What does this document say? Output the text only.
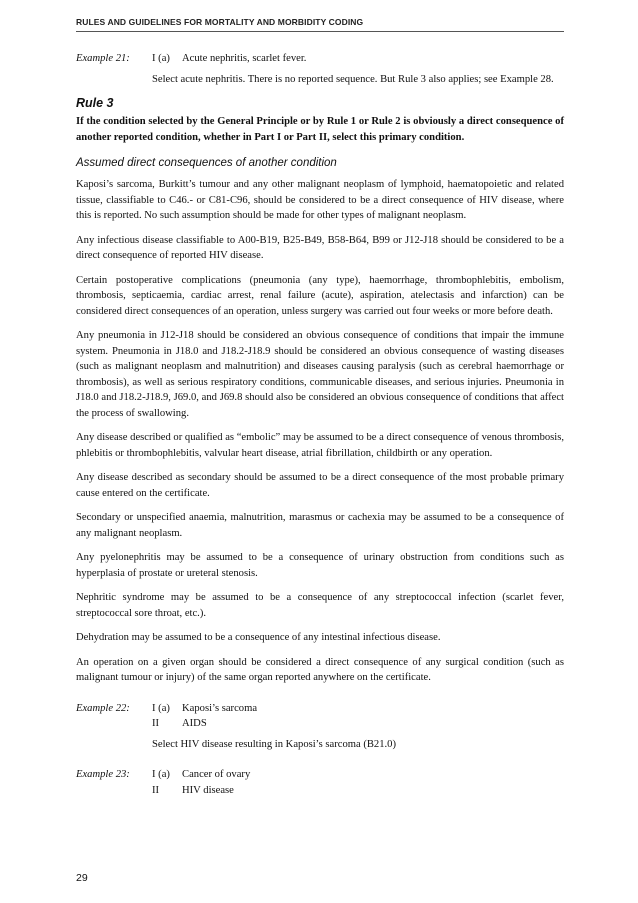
RULES AND GUIDELINES FOR MORTALITY AND MORBIDITY CODING
Example 21:	I (a)	Acute nephritis, scarlet fever.
Select acute nephritis. There is no reported sequence. But Rule 3 also applies; see Example 28.
Rule 3
If the condition selected by the General Principle or by Rule 1 or Rule 2 is obviously a direct consequence of another reported condition, whether in Part I or Part II, select this primary condition.
Assumed direct consequences of another condition

Kaposi’s sarcoma, Burkitt’s tumour and any other malignant neoplasm of lymphoid, haematopoietic and related tissue, classifiable to C46.- or C81-C96, should be considered to be a direct consequence of HIV disease, where this is reported. No such assumption should be made for other types of malignant neoplasm.

Any infectious disease classifiable to A00-B19, B25-B49, B58-B64, B99 or J12-J18 should be considered to be a direct consequence of reported HIV disease.

Certain postoperative complications (pneumonia (any type), haemorrhage, thrombophlebitis, embolism, thrombosis, septicaemia, cardiac arrest, renal failure (acute), aspiration, atelectasis and infarction) can be considered direct consequences of an operation, unless surgery was carried out four weeks or more before death.

Any pneumonia in J12-J18 should be considered an obvious consequence of conditions that impair the immune system. Pneumonia in J18.0 and J18.2-J18.9 should be considered an obvious consequence of wasting diseases (such as malignant neoplasm and malnutrition) and diseases causing paralysis (such as cerebral haemorrhage or thrombosis), as well as serious respiratory conditions, communicable diseases, and serious injuries. Pneumonia in J18.0 and J18.2-J18.9, J69.0, and J69.8 should also be considered an obvious consequence of conditions that affect the process of swallowing.

Any disease described or qualified as “embolic” may be assumed to be a direct consequence of venous thrombosis, phlebitis or thrombophlebitis, valvular heart disease, atrial fibrillation, childbirth or any operation.

Any disease described as secondary should be assumed to be a direct consequence of the most probable primary cause entered on the certificate.

Secondary or unspecified anaemia, malnutrition, marasmus or cachexia may be assumed to be a consequence of any malignant neoplasm.

Any pyelonephritis may be assumed to be a consequence of urinary obstruction from conditions such as hyperplasia of prostate or ureteral stenosis.

Nephritic syndrome may be assumed to be a consequence of any streptococcal infection (scarlet fever, streptococcal sore throat, etc.).

Dehydration may be assumed to be a consequence of any intestinal infectious disease.

An operation on a given organ should be considered a direct consequence of any surgical condition (such as malignant tumour or injury) of the same organ reported anywhere on the certificate.

Example 22:	I (a)	Kaposi’s sarcoma
II	AIDS
Select HIV disease resulting in Kaposi’s sarcoma (B21.0)
Example 23:	I (a)	Cancer of ovary
II	HIV disease
29
